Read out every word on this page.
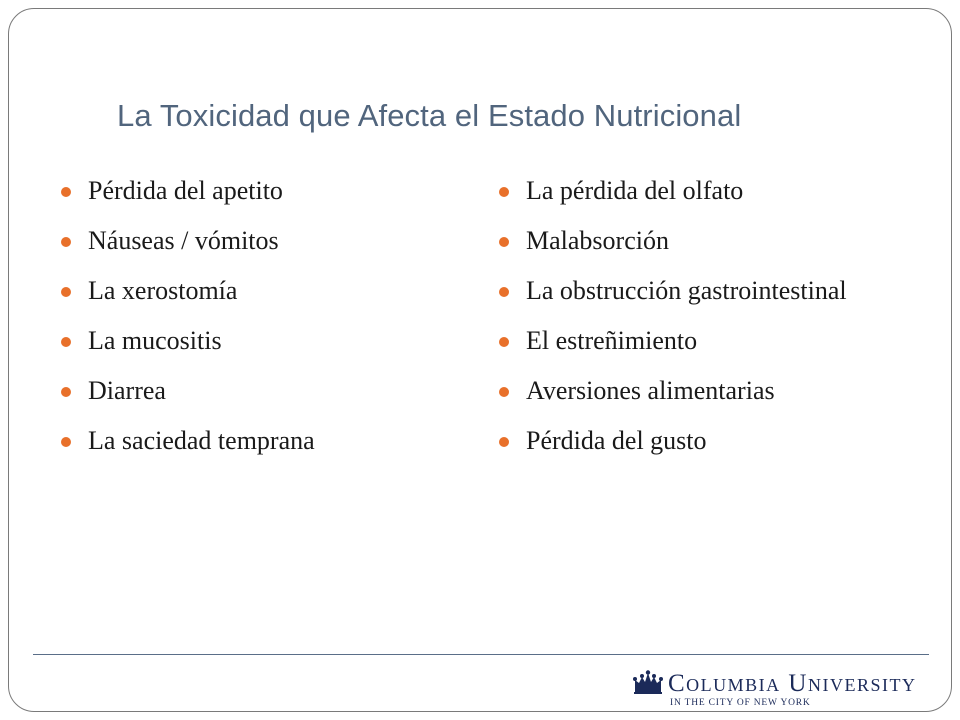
La Toxicidad que Afecta el Estado Nutricional
Pérdida del apetito
Náuseas / vómitos
La xerostomía
La mucositis
Diarrea
La saciedad temprana
La pérdida del olfato
Malabsorción
La obstrucción gastrointestinal
El estreñimiento
Aversiones alimentarias
Pérdida del gusto
Columbia University
IN THE CITY OF NEW YORK
